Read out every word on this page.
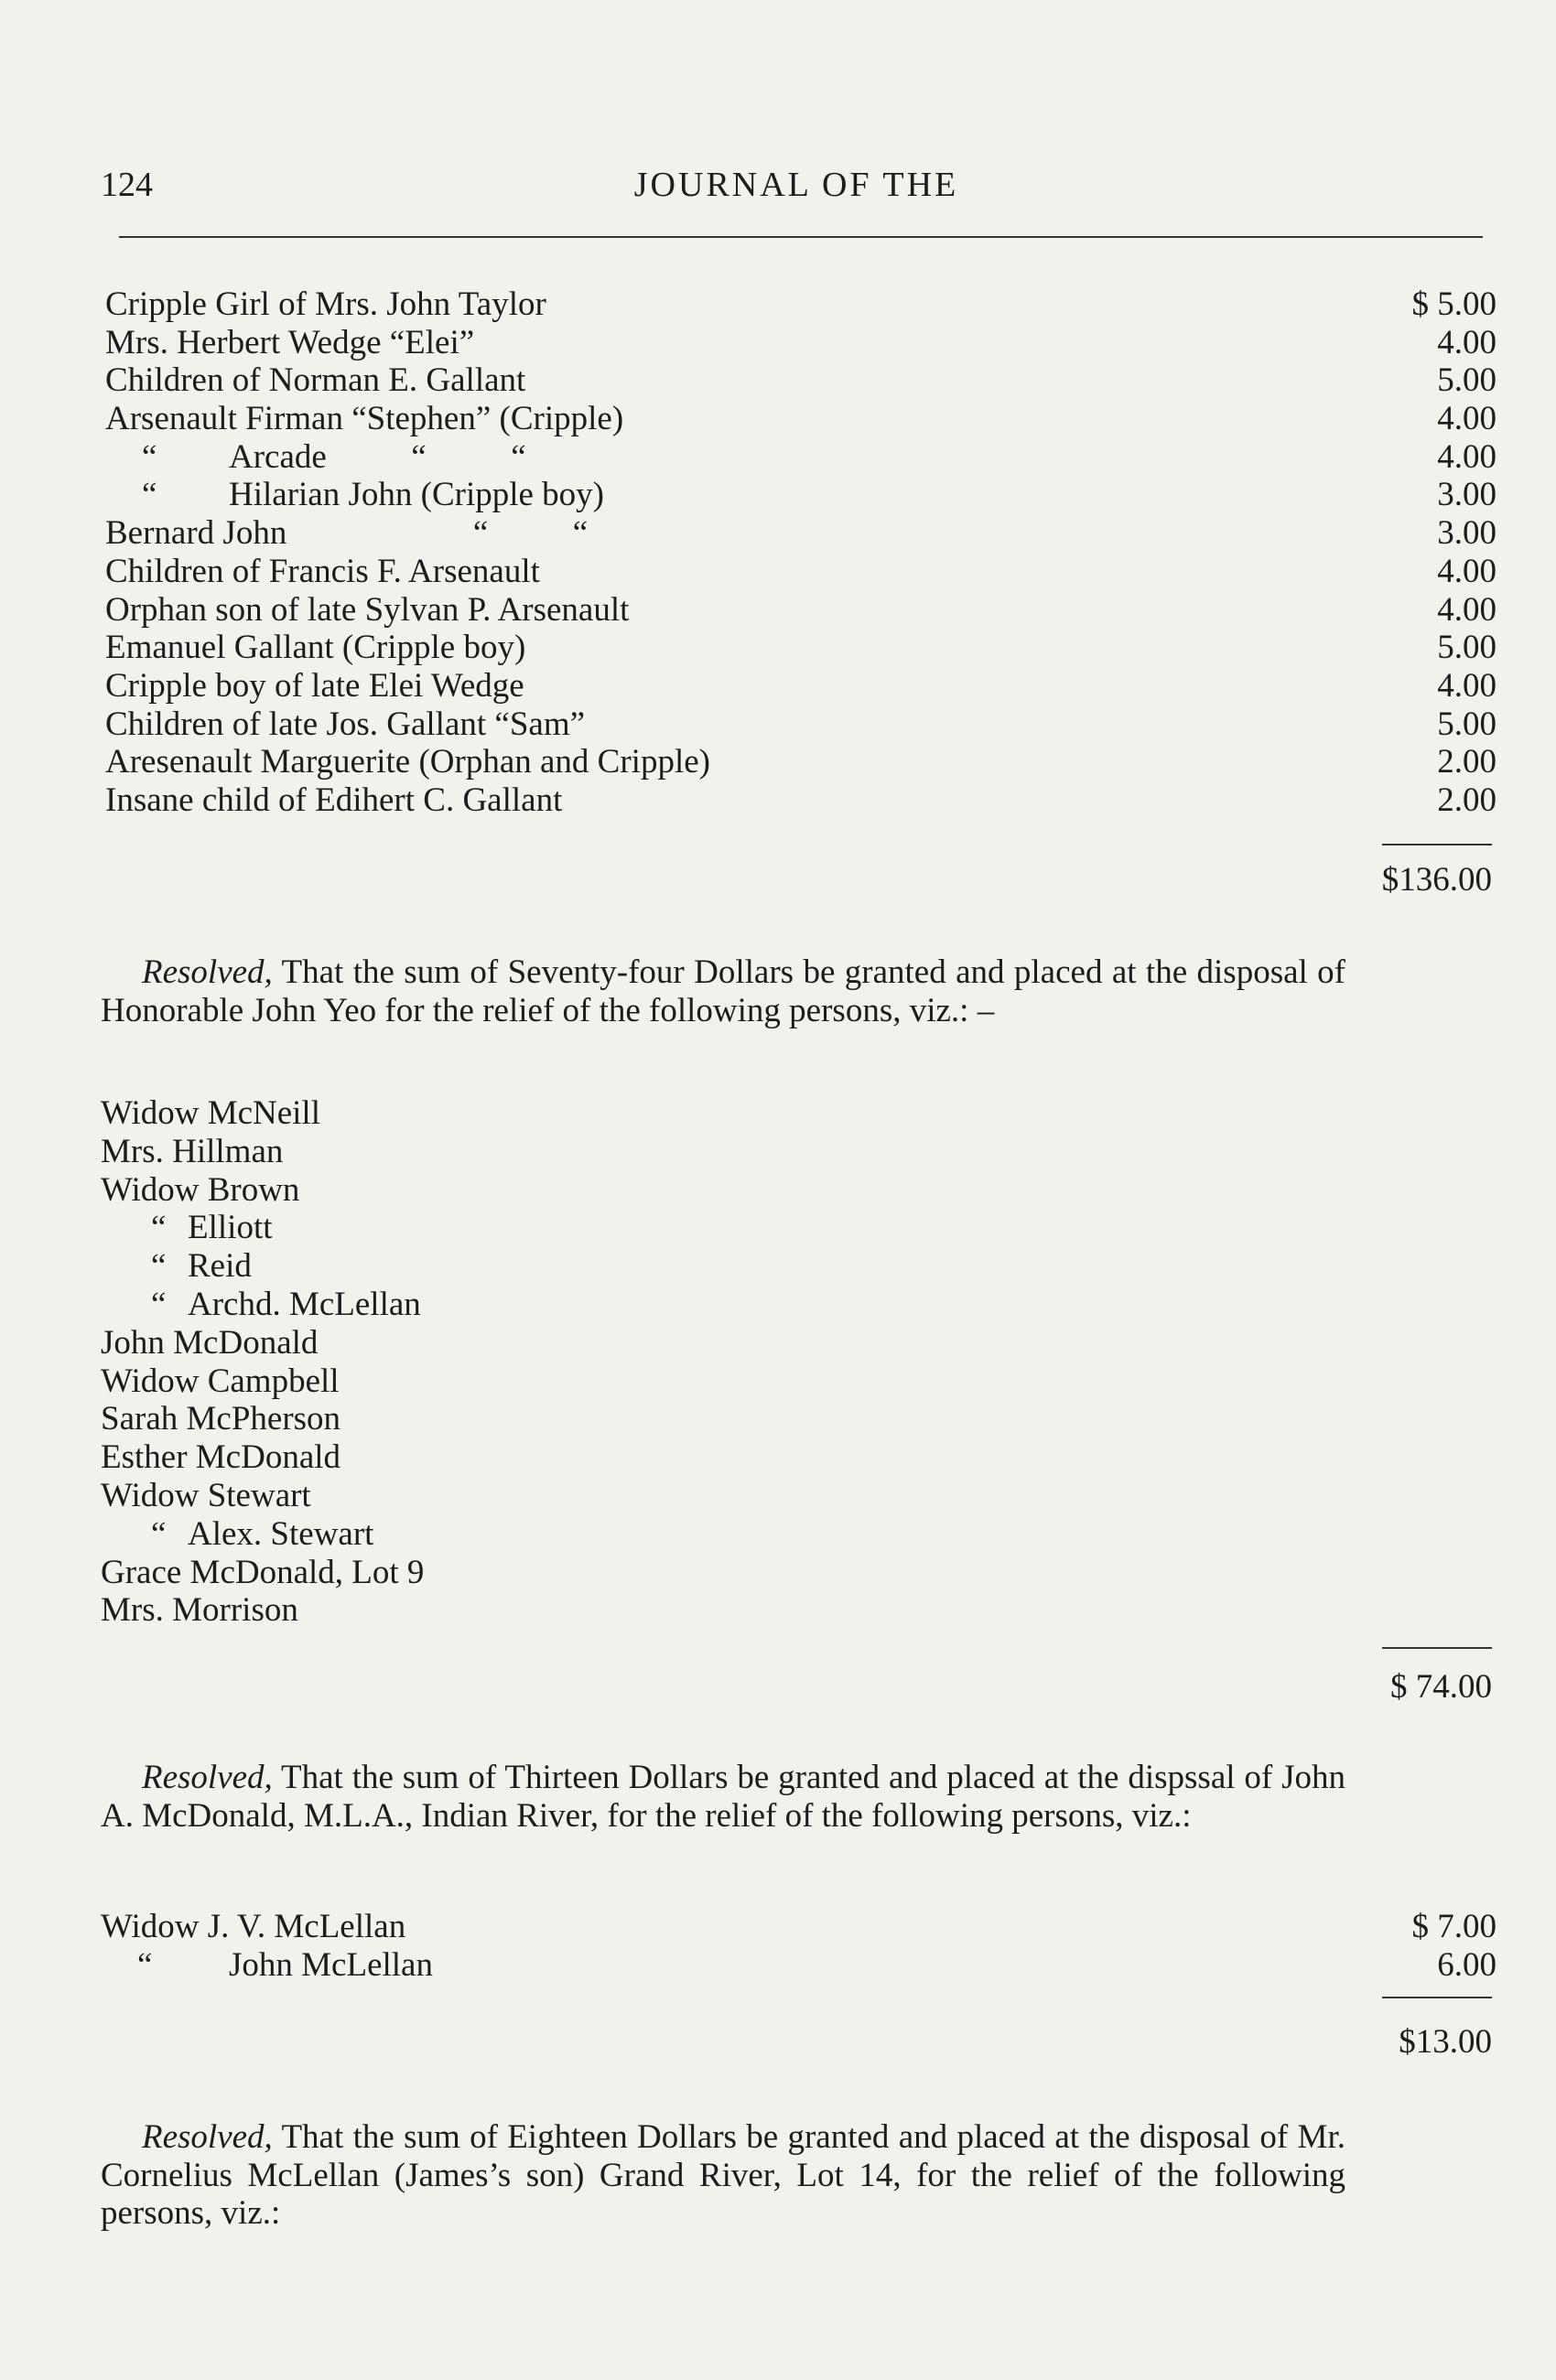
124	JOURNAL OF THE
Cripple Girl of Mrs. John Taylor	$ 5.00
Mrs. Herbert Wedge “Elei”	4.00
Children of Norman E. Gallant	5.00
Arsenault Firman “Stephen” (Cripple)	4.00
“ Arcade          “          “	4.00
“ Hilarian John (Cripple boy)	3.00
Bernard John                      “          “	3.00
Children of Francis F. Arsenault	4.00
Orphan son of late Sylvan P. Arsenault	4.00
Emanuel Gallant (Cripple boy)	5.00
Cripple boy of late Elei Wedge	4.00
Children of late Jos. Gallant “Sam”	5.00
Aresenault Marguerite (Orphan and Cripple)	2.00
Insane child of Edihert C. Gallant	2.00
$136.00
Resolved, That the sum of Seventy-four Dollars be granted and placed at the disposal of Honorable John Yeo for the relief of the following persons, viz.: –
Widow McNeill
Mrs. Hillman
Widow Brown
“ Elliott
“ Reid
“ Archd. McLellan
John McDonald
Widow Campbell
Sarah McPherson
Esther McDonald
Widow Stewart
“ Alex. Stewart
Grace McDonald, Lot 9
Mrs. Morrison
$ 74.00
Resolved, That the sum of Thirteen Dollars be granted and placed at the dispssal of John A. McDonald, M.L.A., Indian River, for the relief of the following persons, viz.:
Widow J. V. McLellan	$ 7.00
“ John McLellan	6.00
$13.00
Resolved, That the sum of Eighteen Dollars be granted and placed at the disposal of Mr. Cornelius McLellan (James’s son) Grand River, Lot 14, for the relief of the following persons, viz.:
